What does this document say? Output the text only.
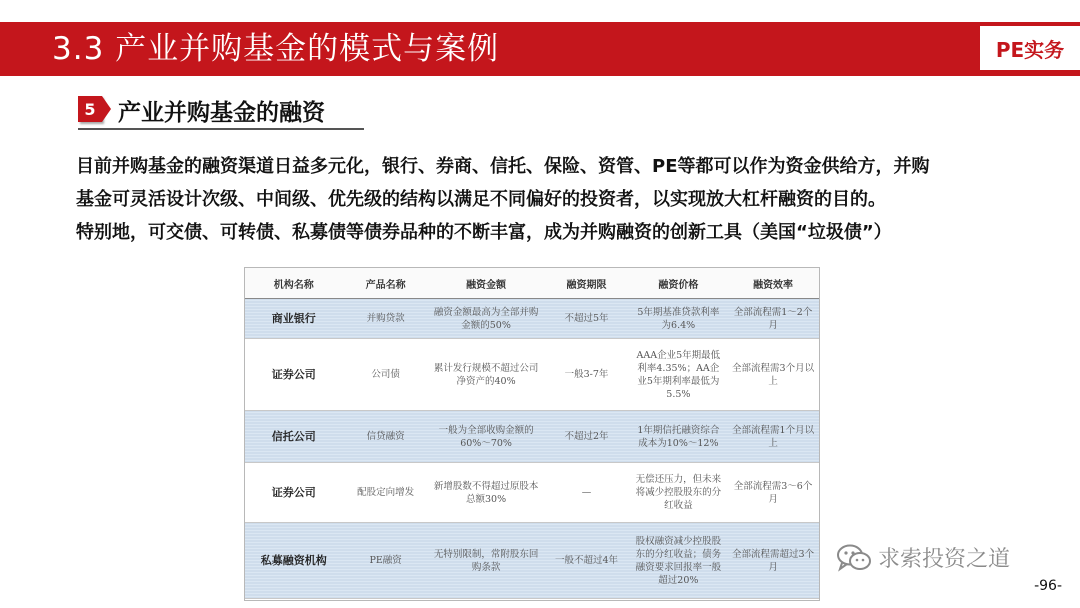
3.3 产业并购基金的模式与案例	PE实务
5 产业并购基金的融资
目前并购基金的融资渠道日益多元化，银行、券商、信托、保险、资管、PE等都可以作为资金供给方，并购
基金可灵活设计次级、中间级、优先级的结构以满足不同偏好的投资者，以实现放大杠杆融资的目的。
特别地，可交债、可转债、私募债等债券品种的不断丰富，成为并购融资的创新工具（美国“垃圾债”）
机构名称	产品名称	融资金额	融资期限	融资价格	融资效率
商业银行	并购贷款	融资金额最高为全部并购金额的50%	不超过5年	5年期基准贷款利率为6.4%	全部流程需1～2个月
证券公司	公司债	累计发行规模不超过公司净资产的40%	一般3-7年	AAA企业5年期最低利率4.35%；AA企业5年期利率最低为5.5%	全部流程需3个月以上
信托公司	信贷融资	一般为全部收购金额的60%～70%	不超过2年	1年期信托融资综合成本为10%～12%	全部流程需1个月以上
证券公司	配股定向增发	新增股数不得超过原股本总额30%	—	无偿还压力，但未来将减少控股股东的分红收益	全部流程需3～6个月
私募融资机构	PE融资	无特别限制，常附股东回购条款	一般不超过4年	股权融资减少控股股东的分红收益；债务融资要求回报率一般超过20%	全部流程需超过3个月	求索投资之道
-96-
